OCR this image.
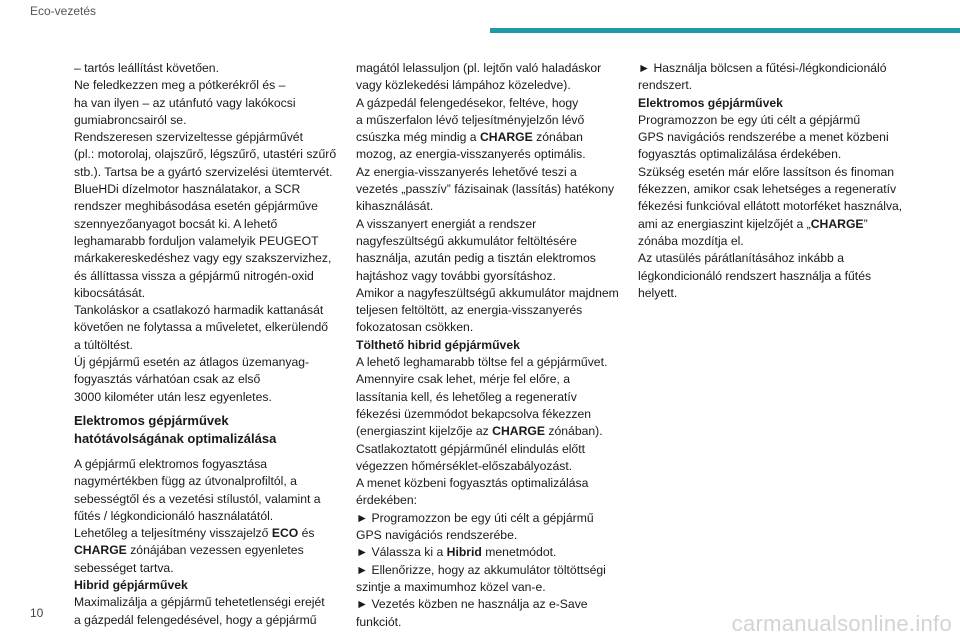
Eco-vezetés
– tartós leállítást követően.
Ne feledkezzen meg a pótkerékről és –
ha van ilyen – az utánfutó vagy lakókocsi
gumiabroncsairól se.
Rendszeresen szervizeltesse gépjárművét
(pl.: motorolaj, olajszűrő, légszűrő, utastéri szűrő
stb.). Tartsa be a gyártó szervizelési ütemtervét.
BlueHDi dízelmotor használatakor, a SCR
rendszer meghibásodása esetén gépjárműve
szennyezőanyagot bocsát ki. A lehető
leghamarabb forduljon valamelyik PEUGEOT
márkakereskedéshez vagy egy szakszervizhez,
és állíttassa vissza a gépjármű nitrogén-oxid
kibocsátását.
Tankoláskor a csatlakozó harmadik kattanását
követően ne folytassa a műveletet, elkerülendő
a túltöltést.
Új gépjármű esetén az átlagos üzemanyag-
fogyasztás várhatóan csak az első
3000 kilométer után lesz egyenletes.
Elektromos gépjárművek
hatótávolságának optimalizálása
A gépjármű elektromos fogyasztása
nagymértékben függ az útvonalprofiltól, a
sebességtől és a vezetési stílustól, valamint a
fűtés / légkondicionáló használatától.
Lehetőleg a teljesítmény visszajelző ECO és
CHARGE zónájában vezessen egyenletes
sebességet tartva.
Hibrid gépjárművek
Maximalizálja a gépjármű tehetetlenségi erejét
a gázpedál felengedésével, hogy a gépjármű
magától lelassuljon (pl. lejtőn való haladáskor
vagy közlekedési lámpához közeledve).
A gázpedál felengedésekor, feltéve, hogy
a műszerfalon lévő teljesítményjelzőn lévő
csúszka még mindig a CHARGE zónában
mozog, az energia-visszanyerés optimális.
Az energia-visszanyerés lehetővé teszi a
vezetés „passzív” fázisainak (lassítás) hatékony
kihasználását.
A visszanyert energiát a rendszer
nagyfeszültségű akkumulátor feltöltésére
használja, azután pedig a tisztán elektromos
hajtáshoz vagy további gyorsításhoz.
Amikor a nagyfeszültségű akkumulátor majdnem
teljesen feltöltött, az energia-visszanyerés
fokozatosan csökken.
Tölthető hibrid gépjárművek
A lehető leghamarabb töltse fel a gépjárművet.
Amennyire csak lehet, mérje fel előre, a
lassítania kell, és lehetőleg a regeneratív
fékezési üzemmódot bekapcsolva fékezzen
(energiaszint kijelzője az CHARGE zónában).
Csatlakoztatott gépjárműnél elindulás előtt
végezzen hőmérséklet-előszabályozást.
A menet közbeni fogyasztás optimalizálása
érdekében:
► Programozzon be egy úti célt a gépjármű
GPS navigációs rendszerébe.
► Válassza ki a Hibrid menetmódot.
► Ellenőrizze, hogy az akkumulátor töltöttségi
szintje a maximumhoz közel van-e.
► Vezetés közben ne használja az e-Save
funkciót.
► Használja bölcsen a fűtési-/légkondicionáló
rendszert.
Elektromos gépjárművek
Programozzon be egy úti célt a gépjármű
GPS navigációs rendszerébe a menet közbeni
fogyasztás optimalizálása érdekében.
Szükség esetén már előre lassítson és finoman
fékezzen, amikor csak lehetséges a regeneratív
fékezési funkcióval ellátott motorféket használva,
ami az energiaszint kijelzőjét a „CHARGE”
zónába mozdítja el.
Az utasülés párátlanításához inkább a
légkondicionáló rendszert használja a fűtés
helyett.
10	carmanualsonline.info
